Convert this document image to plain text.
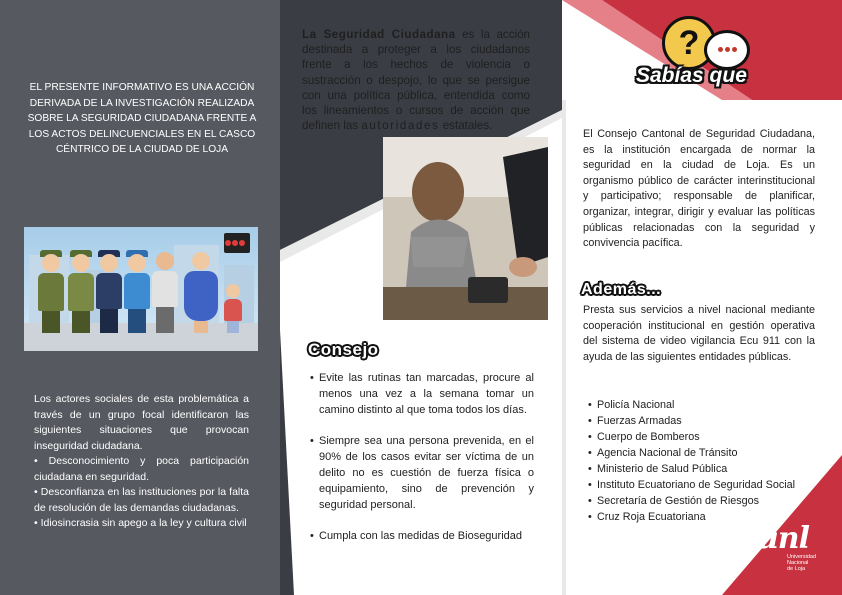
EL PRESENTE INFORMATIVO ES UNA ACCIÓN DERIVADA DE LA INVESTIGACIÓN REALIZADA SOBRE LA SEGURIDAD CIUDADANA FRENTE A LOS ACTOS DELINCUENCIALES EN EL CASCO CÉNTRICO DE LA CIUDAD DE LOJA

Los actores sociales de esta problemática a través de un grupo focal identificaron las siguientes situaciones que provocan inseguridad ciudadana.

• Desconocimiento y poca participación ciudadana en seguridad.

• Desconfianza en las instituciones por la falta de resolución de las demandas ciudadanas.

• Idiosincrasia sin apego a la ley y cultura civil

La Seguridad Ciudadana es la acción destinada a proteger a los ciudadanos frente a los hechos de violencia o sustracción o despojo, lo que se persigue con una política pública, entendida como los lineamientos o cursos de acción que definen las autoridades estatales.
Consejo
• Evite las rutinas tan marcadas, procure al menos una vez a la semana tomar un camino distinto al que toma todos los días.
• Siempre sea una persona prevenida, en el 90% de los casos evitar ser víctima de un delito no es cuestión de fuerza física o equipamiento, sino de prevención y seguridad personal.
• Cumpla con las medidas de Bioseguridad
?
Sabías que
El Consejo Cantonal de Seguridad Ciudadana, es la institución encargada de normar la seguridad en la ciudad de Loja. Es un organismo público de carácter interinstitucional y participativo; responsable de planificar, organizar, integrar, dirigir y evaluar las políticas públicas relacionadas con la seguridad y convivencia pacífica.
Además...
Presta sus servicios a nivel nacional mediante cooperación institucional en gestión operativa del sistema de video vigilancia Ecu 911 con la ayuda de las siguientes entidades públicas.
• Policía Nacional
• Fuerzas Armadas
• Cuerpo de Bomberos
• Agencia Nacional de Tránsito
• Ministerio de Salud Pública
• Instituto Ecuatoriano de Seguridad Social
• Secretaría de Gestión de Riesgos
• Cruz Roja Ecuatoriana
unl
Universidad
Nacional
de Loja
